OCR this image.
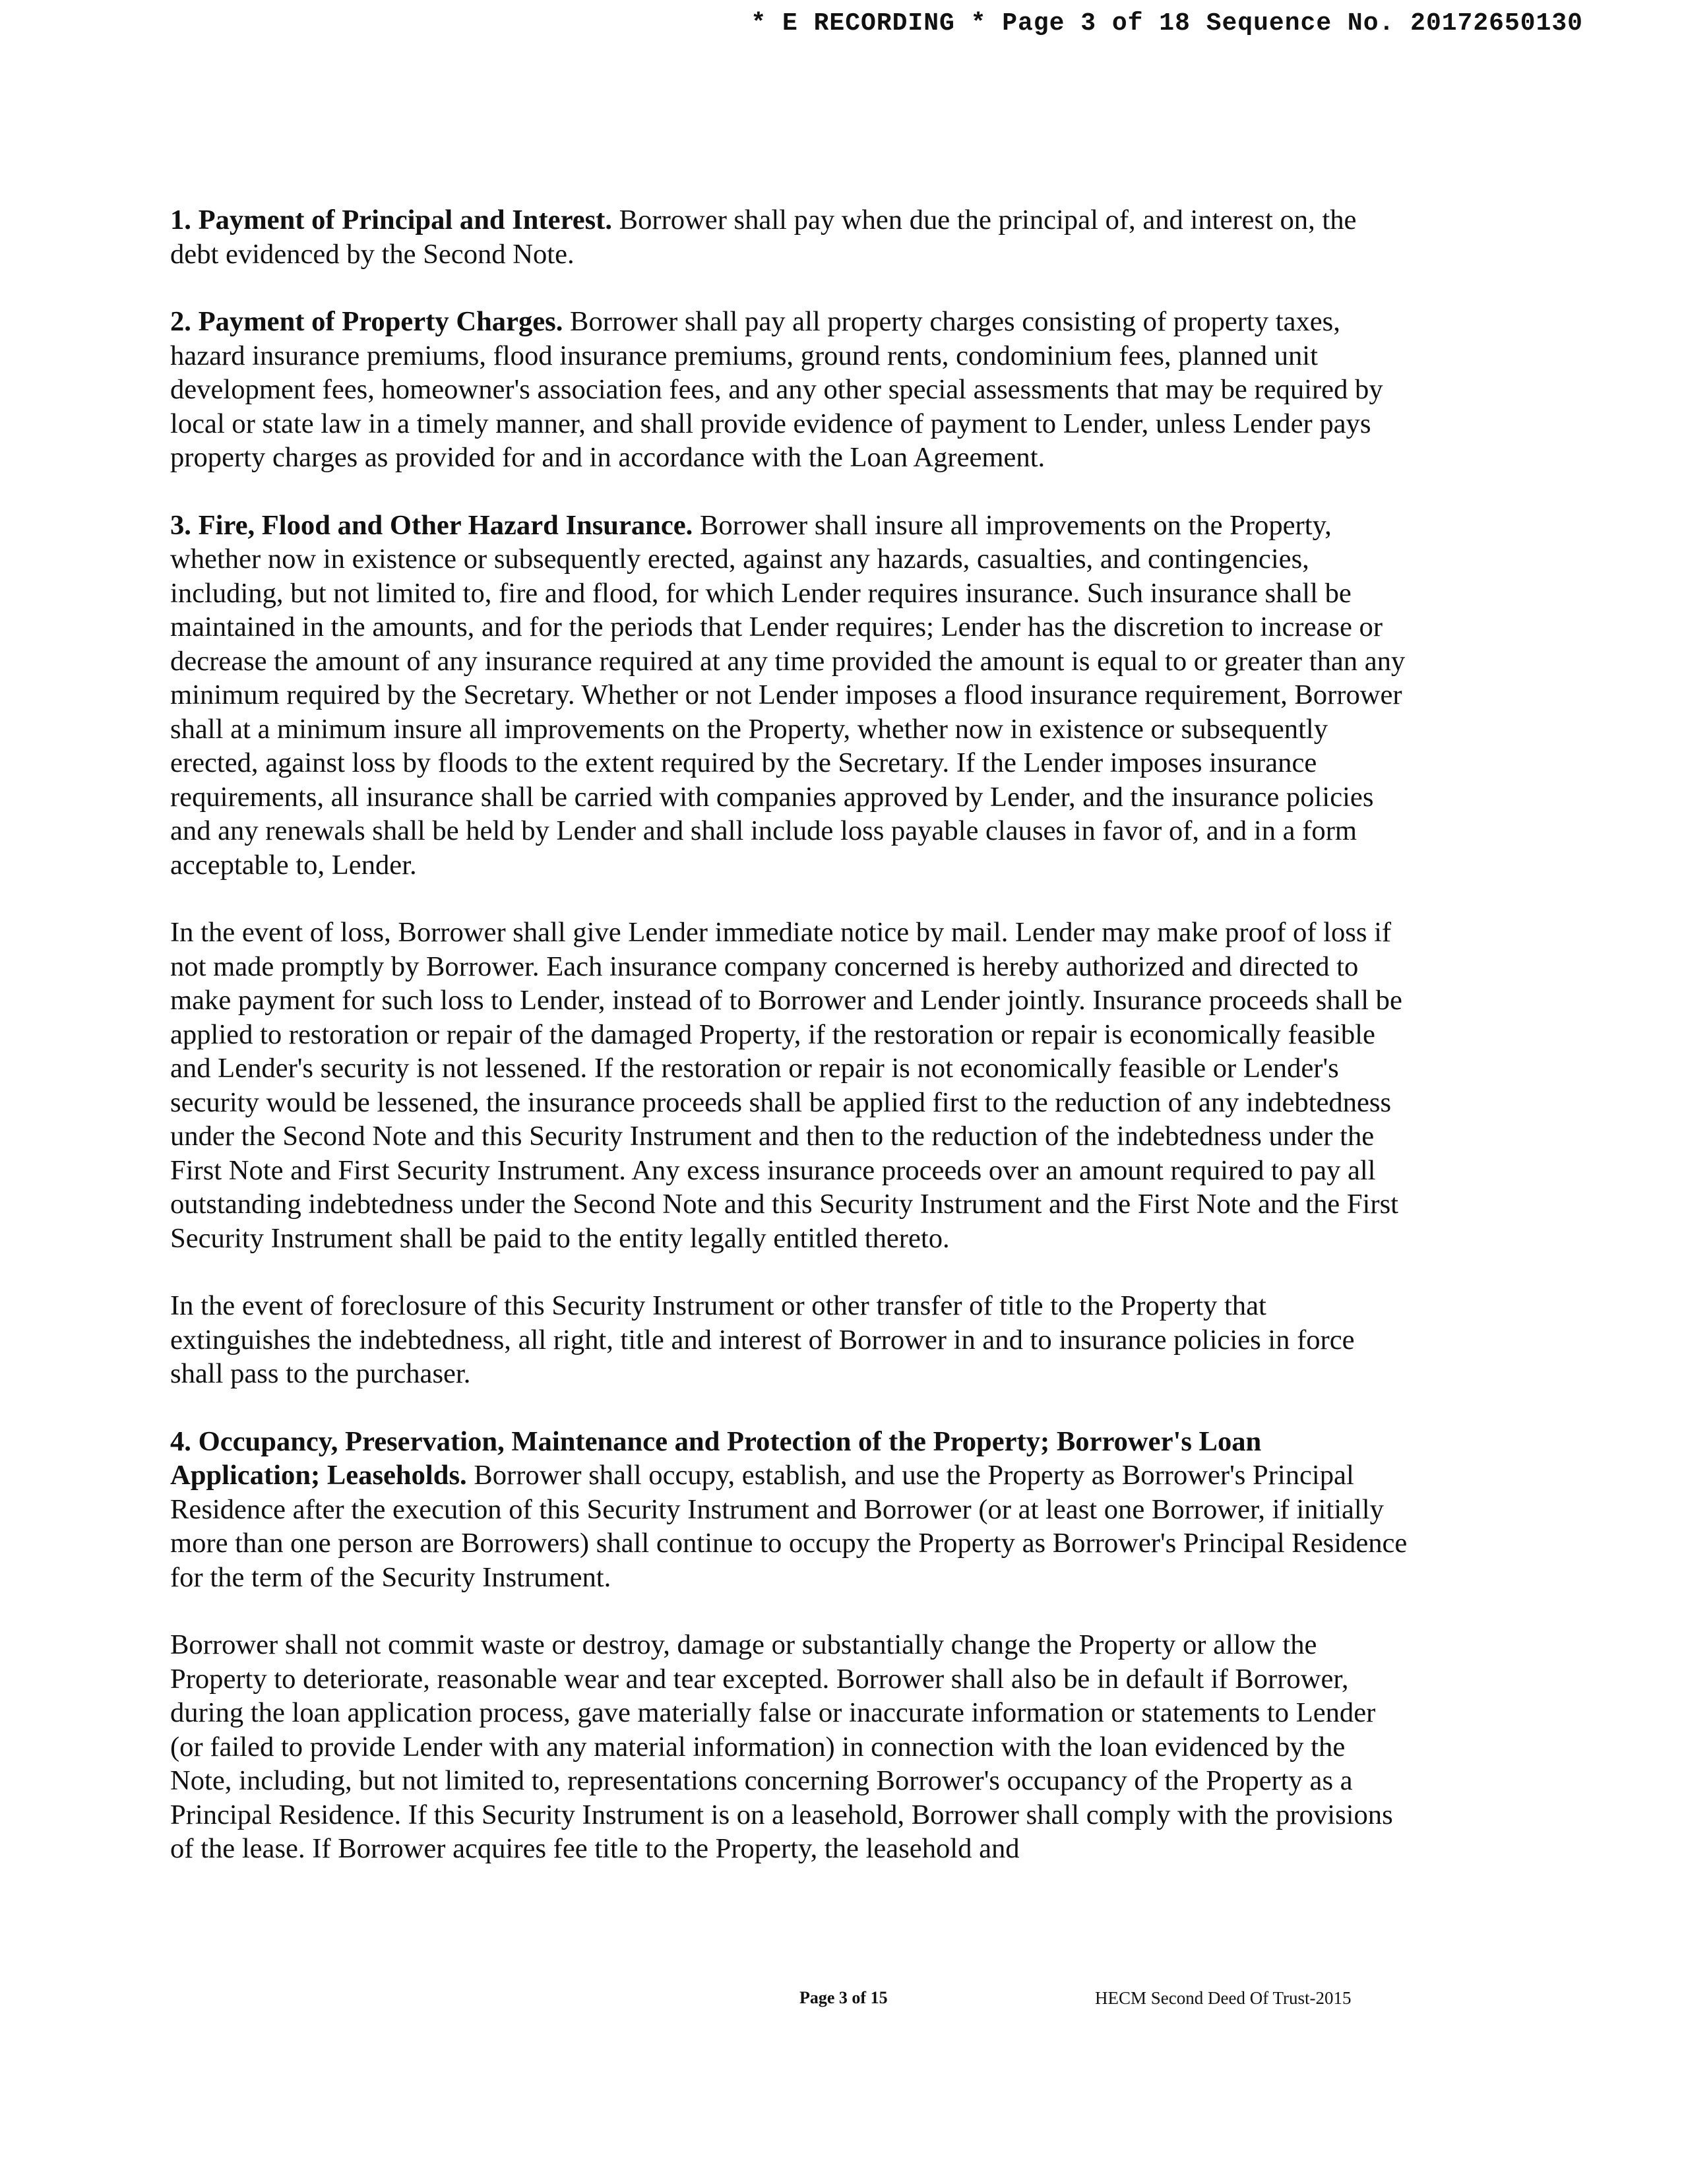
* E RECORDING * Page 3 of 18 Sequence No. 20172650130

1. Payment of Principal and Interest. Borrower shall pay when due the principal of, and interest on, the debt evidenced by the Second Note.

2. Payment of Property Charges. Borrower shall pay all property charges consisting of property taxes, hazard insurance premiums, flood insurance premiums, ground rents, condominium fees, planned unit development fees, homeowner's association fees, and any other special assessments that may be required by local or state law in a timely manner, and shall provide evidence of payment to Lender, unless Lender pays property charges as provided for and in accordance with the Loan Agreement.

3. Fire, Flood and Other Hazard Insurance. Borrower shall insure all improvements on the Property, whether now in existence or subsequently erected, against any hazards, casualties, and contingencies, including, but not limited to, fire and flood, for which Lender requires insurance. Such insurance shall be maintained in the amounts, and for the periods that Lender requires; Lender has the discretion to increase or decrease the amount of any insurance required at any time provided the amount is equal to or greater than any minimum required by the Secretary. Whether or not Lender imposes a flood insurance requirement, Borrower shall at a minimum insure all improvements on the Property, whether now in existence or subsequently erected, against loss by floods to the extent required by the Secretary. If the Lender imposes insurance requirements, all insurance shall be carried with companies approved by Lender, and the insurance policies and any renewals shall be held by Lender and shall include loss payable clauses in favor of, and in a form acceptable to, Lender.

In the event of loss, Borrower shall give Lender immediate notice by mail. Lender may make proof of loss if not made promptly by Borrower. Each insurance company concerned is hereby authorized and directed to make payment for such loss to Lender, instead of to Borrower and Lender jointly. Insurance proceeds shall be applied to restoration or repair of the damaged Property, if the restoration or repair is economically feasible and Lender's security is not lessened. If the restoration or repair is not economically feasible or Lender's security would be lessened, the insurance proceeds shall be applied first to the reduction of any indebtedness under the Second Note and this Security Instrument and then to the reduction of the indebtedness under the First Note and First Security Instrument. Any excess insurance proceeds over an amount required to pay all outstanding indebtedness under the Second Note and this Security Instrument and the First Note and the First Security Instrument shall be paid to the entity legally entitled thereto.

In the event of foreclosure of this Security Instrument or other transfer of title to the Property that extinguishes the indebtedness, all right, title and interest of Borrower in and to insurance policies in force shall pass to the purchaser.

4. Occupancy, Preservation, Maintenance and Protection of the Property; Borrower's Loan Application; Leaseholds. Borrower shall occupy, establish, and use the Property as Borrower's Principal Residence after the execution of this Security Instrument and Borrower (or at least one Borrower, if initially more than one person are Borrowers) shall continue to occupy the Property as Borrower's Principal Residence for the term of the Security Instrument.

Borrower shall not commit waste or destroy, damage or substantially change the Property or allow the Property to deteriorate, reasonable wear and tear excepted. Borrower shall also be in default if Borrower, during the loan application process, gave materially false or inaccurate information or statements to Lender (or failed to provide Lender with any material information) in connection with the loan evidenced by the Note, including, but not limited to, representations concerning Borrower's occupancy of the Property as a Principal Residence. If this Security Instrument is on a leasehold, Borrower shall comply with the provisions of the lease. If Borrower acquires fee title to the Property, the leasehold and

Page 3 of 15	HECM Second Deed Of Trust-2015
